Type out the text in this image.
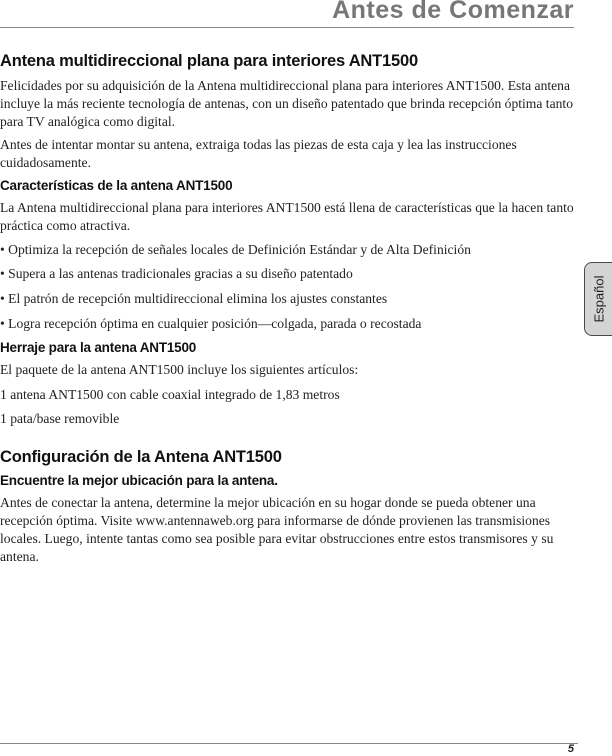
Antes de Comenzar
Español
Antena multidireccional plana para interiores ANT1500

Felicidades por su adquisición de la Antena multidireccional plana para interiores ANT1500. Esta antena incluye la más reciente tecnología de antenas, con un diseño patentado que brinda recepción óptima tanto para TV analógica como digital.

Antes de intentar montar su antena, extraiga todas las piezas de esta caja y lea las instrucciones cuidadosamente.

Características de la antena ANT1500

La Antena multidireccional plana para interiores ANT1500 está llena de características que la hacen tanto práctica como atractiva.

• Optimiza la recepción de señales locales de Definición Estándar y de Alta Definición
• Supera a las antenas tradicionales gracias a su diseño patentado
• El patrón de recepción multidireccional elimina los ajustes constantes
• Logra recepción óptima en cualquier posición—colgada, parada o recostada
Herraje para la antena ANT1500
El paquete de la antena ANT1500 incluye los siguientes artículos:
1 antena ANT1500 con cable coaxial integrado de 1,83 metros
1 pata/base removible
Configuración de la Antena ANT1500
Encuentre la mejor ubicación para la antena.

Antes de conectar la antena, determine la mejor ubicación en su hogar donde se pueda obtener una recepción óptima. Visite www.antennaweb.org para informarse de dónde provienen las transmisiones locales. Luego, intente tantas como sea posible para evitar obstrucciones entre estos transmisores y su antena.

5
